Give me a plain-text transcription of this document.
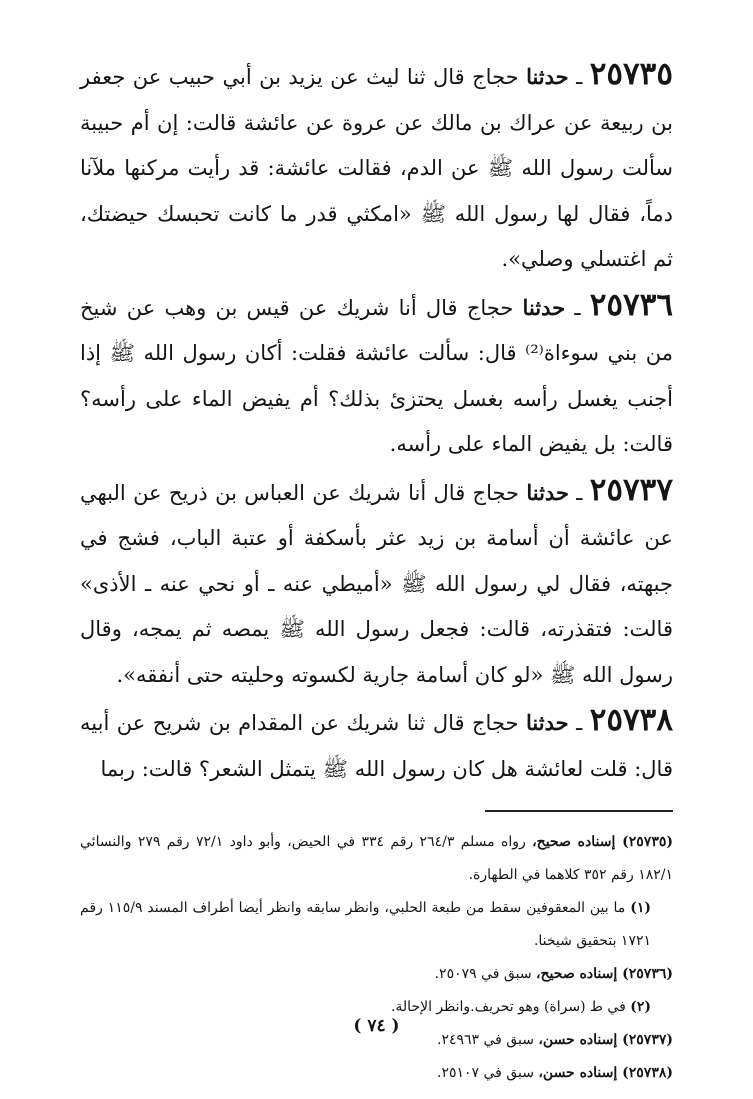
٢٥٧٣٥ ـ حدثنا حجاج قال ثنا ليث عن يزيد بن أبي حبيب عن جعفر بن ربيعة عن عراك بن مالك عن عروة عن عائشة قالت: إن أم حبيبة سألت رسول الله ﷺ عن الدم، فقالت عائشة: قد رأيت مركنها ملآنا دماً، فقال لها رسول الله ﷺ «امكثي قدر ما كانت تحبسك حيضتك، ثم اغتسلي وصلي».

٢٥٧٣٦ ـ حدثنا حجاج قال أنا شريك عن قيس بن وهب عن شيخ من بني سوءاة⁽²⁾ قال: سألت عائشة فقلت: أكان رسول الله ﷺ إذا أجنب يغسل رأسه بغسل يحتزئ بذلك؟ أم يفيض الماء على رأسه؟ قالت: بل يفيض الماء على رأسه.

٢٥٧٣٧ ـ حدثنا حجاج قال أنا شريك عن العباس بن ذريح عن البهي عن عائشة أن أسامة بن زيد عثر بأسكفة أو عتبة الباب، فشج في جبهته، فقال لي رسول الله ﷺ «أميطي عنه ـ أو نحي عنه ـ الأذى» قالت: فتقذرته، قالت: فجعل رسول الله ﷺ يمصه ثم يمجه، وقال رسول الله ﷺ «لو كان أسامة جارية لكسوته وحليته حتى أنفقه».

٢٥٧٣٨ ـ حدثنا حجاج قال ثنا شريك عن المقدام بن شريح عن أبيه قال: قلت لعائشة هل كان رسول الله ﷺ يتمثل الشعر؟ قالت: ربما

(٢٥٧٣٥) إسناده صحيح، رواه مسلم ٢٦٤/٣ رقم ٣٣٤ في الحيض، وأبو داود ٧٢/١ رقم ٢٧٩ والنسائي ١٨٢/١ رقم ٣٥٢ كلاهما في الطهارة.

(١) ما بين المعقوفين سقط من طبعة الحلبي، وانظر سابقه وانظر أيضا أطراف المسند ١١٥/٩ رقم ١٧٢١ بتحقيق شيخنا.

(٢٥٧٣٦) إسناده صحيح، سبق في ٢٥٠٧٩.

(٢) في ط (سراة) وهو تحريف.وانظر الإحالة.

(٢٥٧٣٧) إسناده حسن، سبق في ٢٤٩٦٣.

(٢٥٧٣٨) إسناده حسن، سبق في ٢٥١٠٧.

( ٧٤ )
